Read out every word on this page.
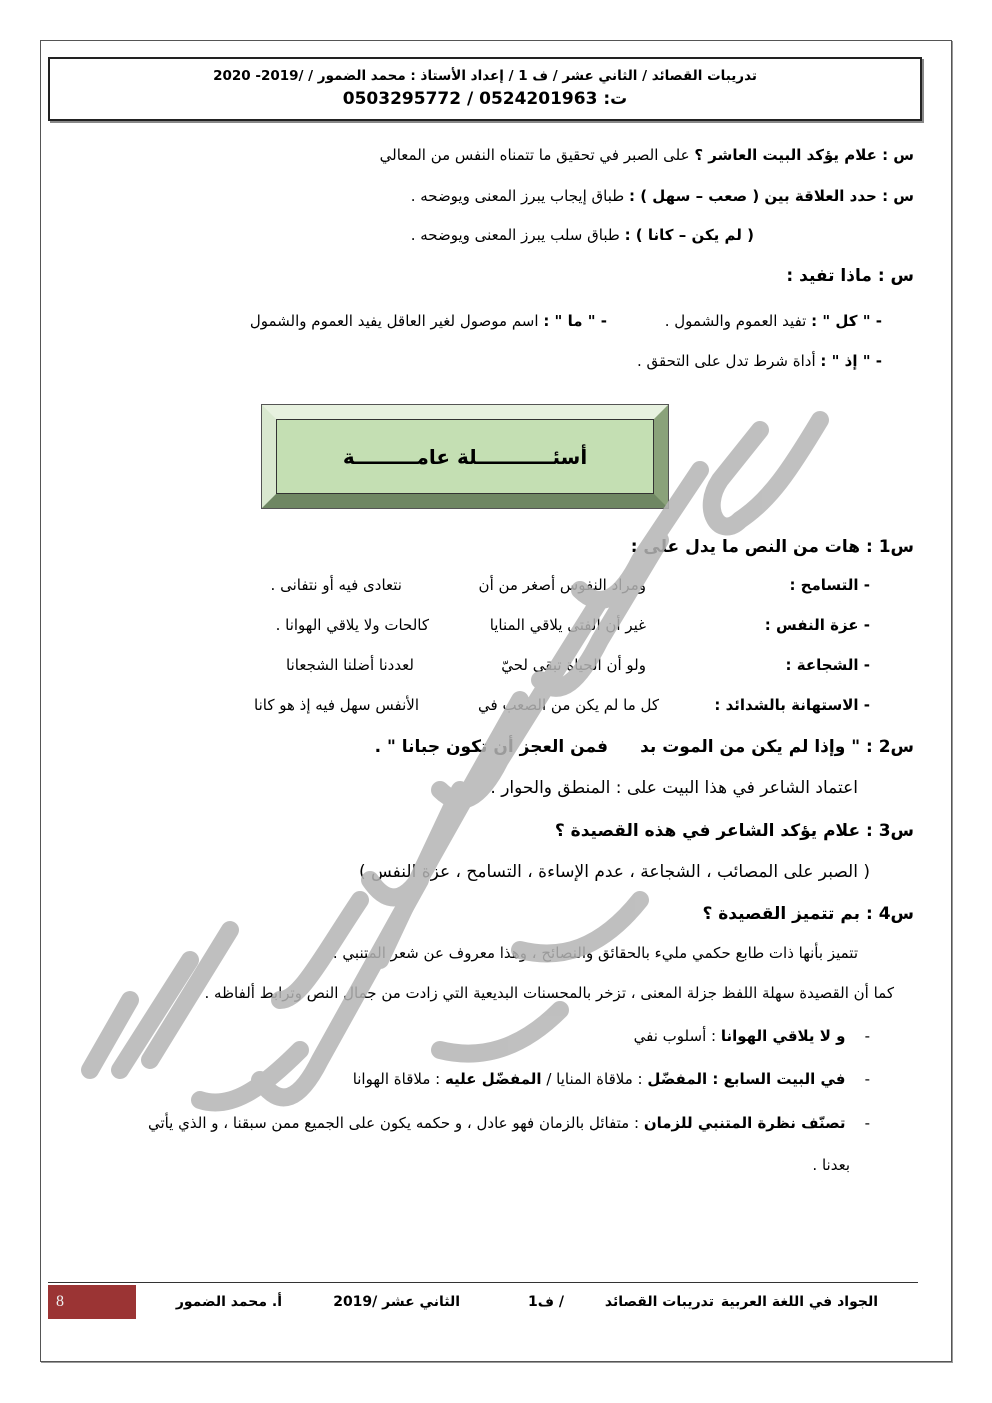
تدريبات القصائد / الثاني عشر / ف 1 / إعداد الأستاذ : محمد الضمور / /2019- 2020
ت: 0524201963 / 0503295772
س : علام يؤكد البيت العاشر ؟ على الصبر في تحقيق ما تتمناه النفس من المعالي
س : حدد العلاقة بين ( صعب – سهل ) : طباق إيجاب يبرز المعنى ويوضحه .
( لم يكن – كانا ) : طباق سلب يبرز المعنى ويوضحه .
س : ماذا تفيد :
- " كل " : تفيد العموم والشمول .
- " ما " : اسم موصول لغير العاقل يفيد العموم والشمول
- " إذ " : أداة شرط تدل على التحقق .
أسئـــــــــــلة عامـــــــــة
س1 : هات من النص ما يدل على :
- التسامح :
ومراد النفوس أصغر من أن
نتعادى فيه أو نتفانى .
- عزة النفس :
غير أن الفتى يلاقي المنايا
كالحات ولا يلاقي الهوانا .
- الشجاعة :
ولو أن الحياة تبقى لحيّ
لعددنا أضلنا الشجعانا
- الاستهانة بالشدائد :
كل ما لم يكن من الصعب في
الأنفس سهل فيه إذ هو كانا
س2 : " وإذا لم يكن من الموت بد
فمن العجز أن تكون جبانا " .
اعتماد الشاعر في هذا البيت على : المنطق والحوار .
س3 : علام يؤكد الشاعر في هذه القصيدة ؟
( الصبر على المصائب ، الشجاعة ، عدم الإساءة ، التسامح ، عزة النفس )
س4 : بم تتميز القصيدة ؟
تتميز بأنها ذات طابع حكمي مليء بالحقائق والنصائح ، وهذا معروف عن شعر المتنبي .
كما أن القصيدة سهلة اللفظ جزلة المعنى ، تزخر بالمحسنات البديعية التي زادت من جمال النص وترابط ألفاظه .
-    و لا يلاقي الهوانا : أسلوب نفي
-    في البيت السابع : المفضّل : ملاقاة المنايا / المفضّل عليه : ملاقاة الهوانا
-    تصنّف نظرة المتنبي للزمان : متفائل بالزمان فهو عادل ، و حكمه يكون على الجميع ممن سبقنا ، و الذي يأتي
بعدنا .
8	الجواد في اللغة العربية
تدريبات القصائد
/ ف1
الثاني عشر /2019
أ. محمد الضمور
